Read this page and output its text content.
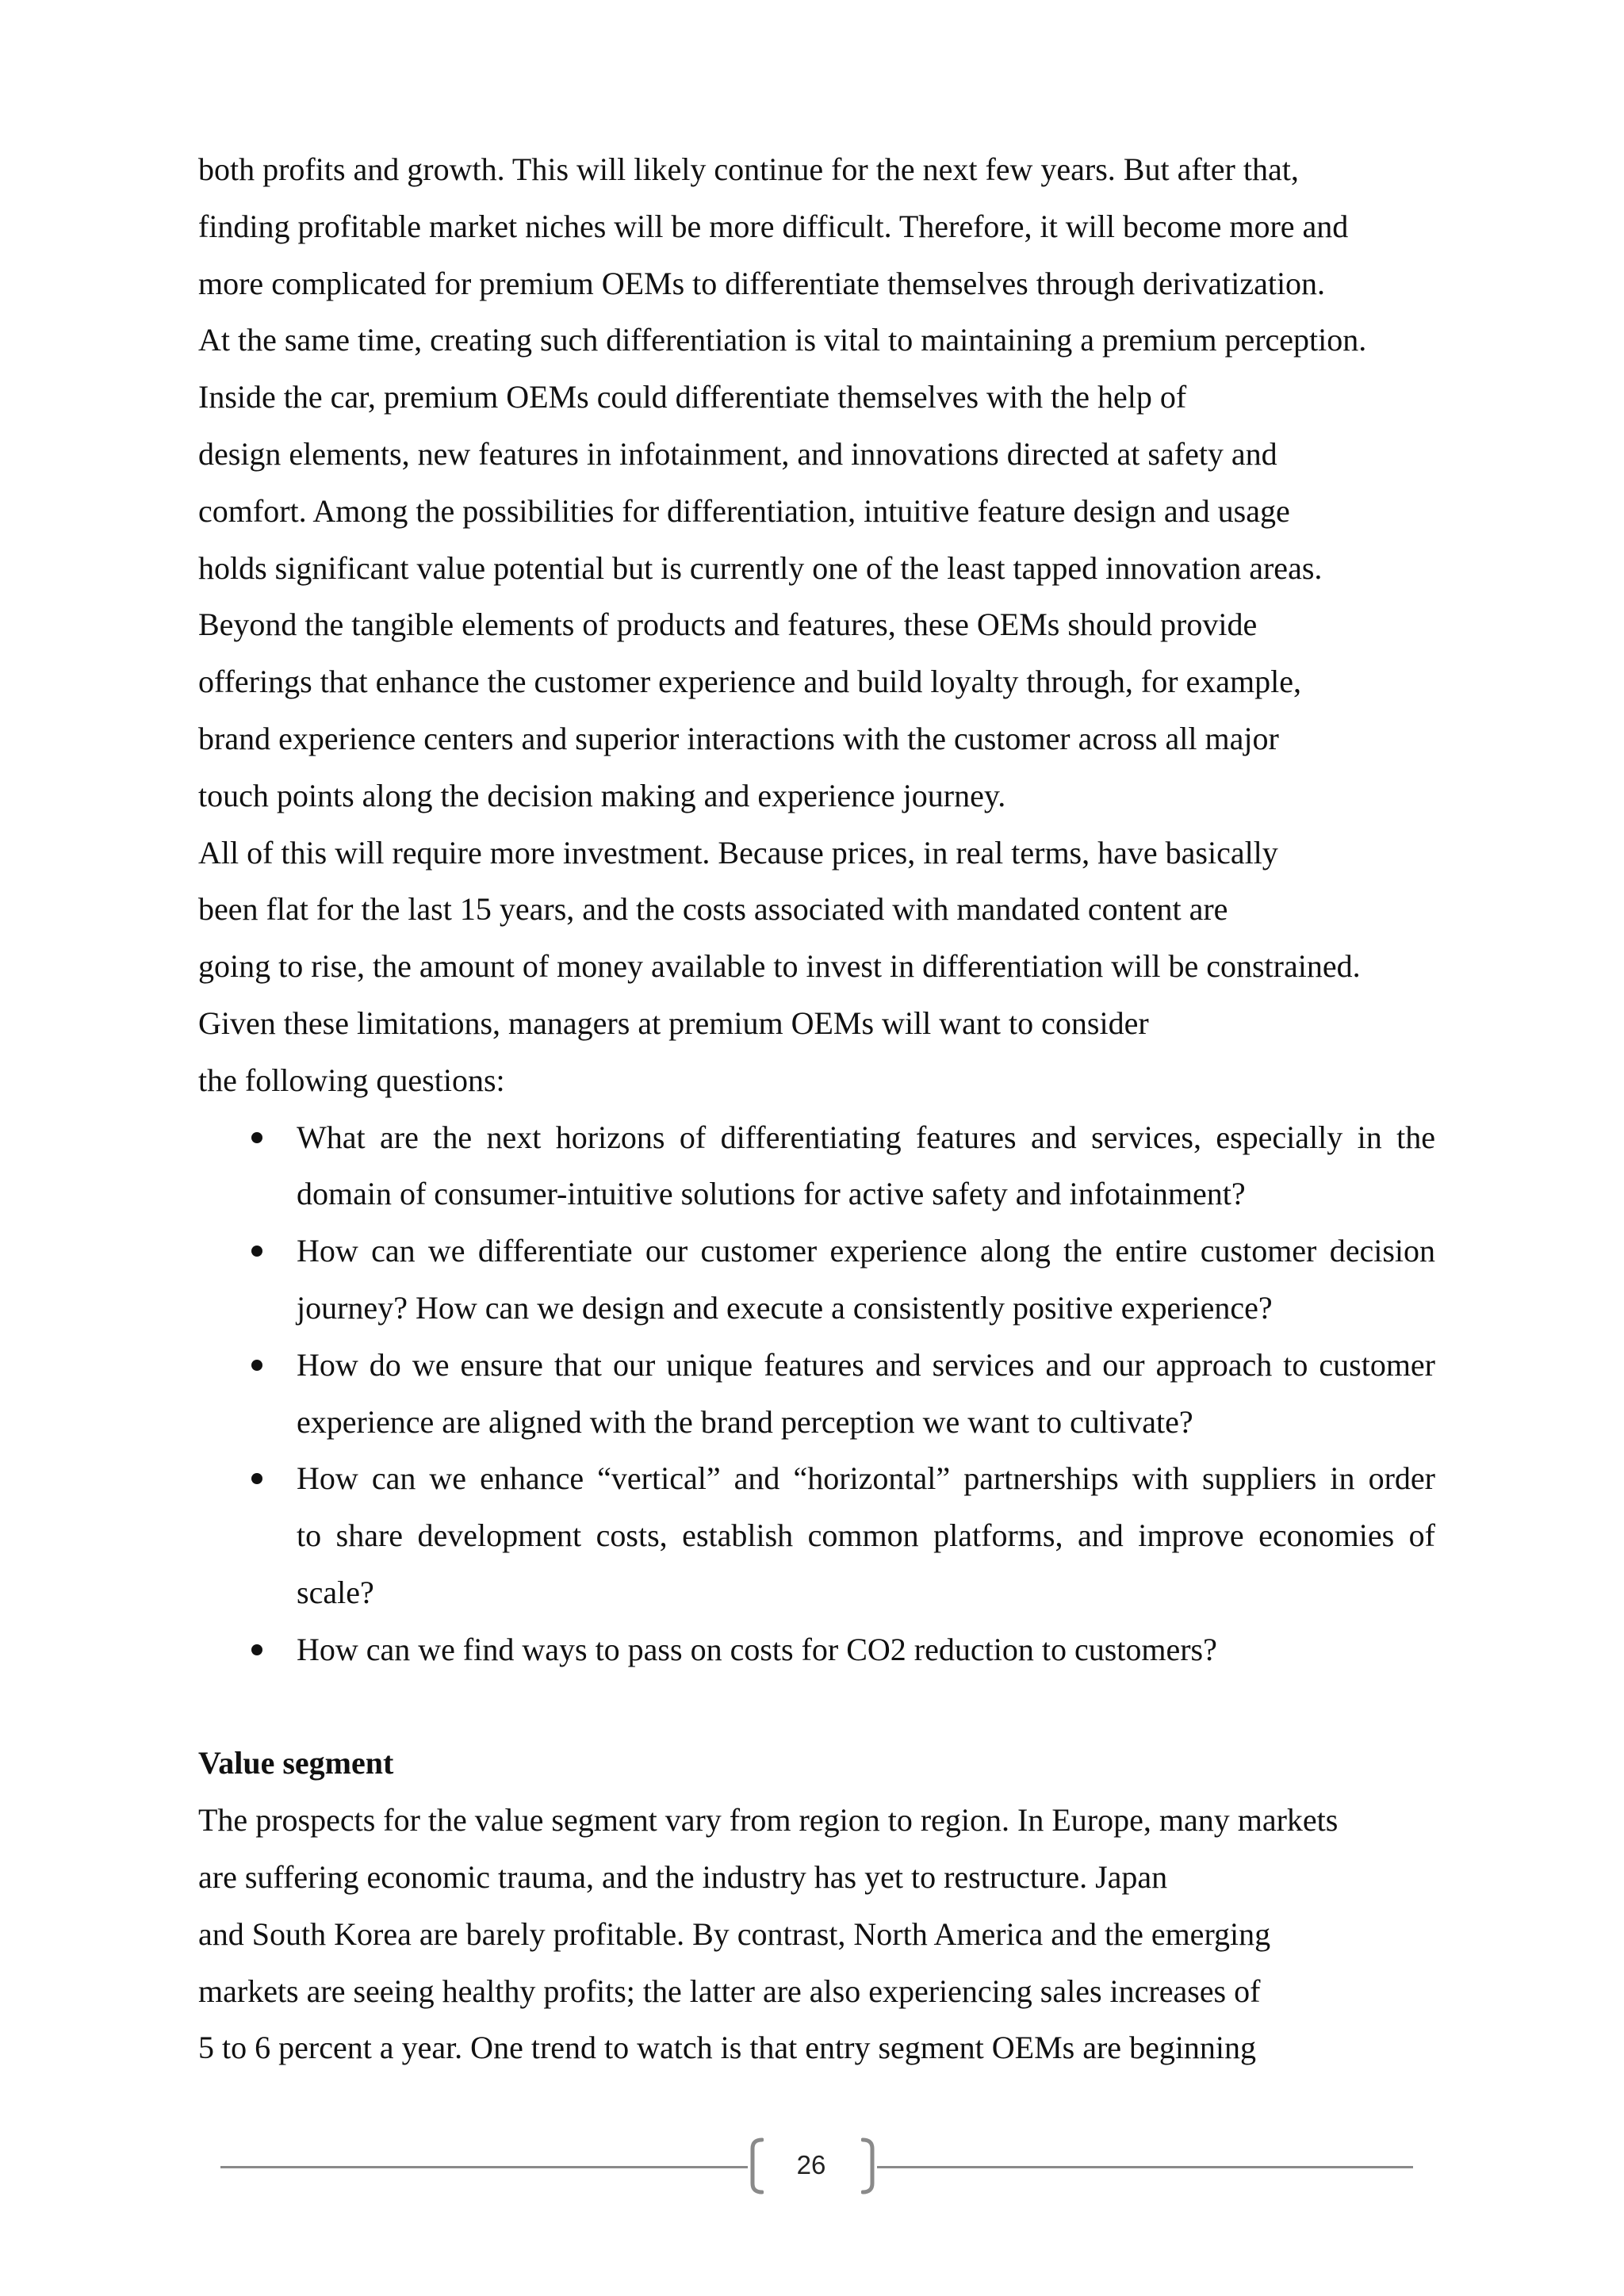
both profits and growth. This will likely continue for the next few years. But after that,
finding profitable market niches will be more difficult. Therefore, it will become more and
more complicated for premium OEMs to differentiate themselves through derivatization.
At the same time, creating such differentiation is vital to maintaining a premium perception.
Inside the car, premium OEMs could differentiate themselves with the help of
design elements, new features in infotainment, and innovations directed at safety and
comfort. Among the possibilities for differentiation, intuitive feature design and usage
holds significant value potential but is currently one of the least tapped innovation areas.
Beyond the tangible elements of products and features, these OEMs should provide
offerings that enhance the customer experience and build loyalty through, for example,
brand experience centers and superior interactions with the customer across all major
touch points along the decision making and experience journey.
All of this will require more investment. Because prices, in real terms, have basically
been flat for the last 15 years, and the costs associated with mandated content are
going to rise, the amount of money available to invest in differentiation will be constrained.
Given these limitations, managers at premium OEMs will want to consider
the following questions:
What are the next horizons of differentiating features and services, especially in the
domain of consumer-intuitive solutions for active safety and infotainment?
How can we differentiate our customer experience along the entire customer decision
journey? How can we design and execute a consistently positive experience?
How do we ensure that our unique features and services and our approach to customer
experience are aligned with the brand perception we want to cultivate?
How can we enhance “vertical” and “horizontal” partnerships with suppliers in order
to share development costs, establish common platforms, and improve economies of
scale?
How can we find ways to pass on costs for CO2 reduction to customers?
Value segment
The prospects for the value segment vary from region to region. In Europe, many markets
are suffering economic trauma, and the industry has yet to restructure. Japan
and South Korea are barely profitable. By contrast, North America and the emerging
markets are seeing healthy profits; the latter are also experiencing sales increases of
5 to 6 percent a year. One trend to watch is that entry segment OEMs are beginning
26
